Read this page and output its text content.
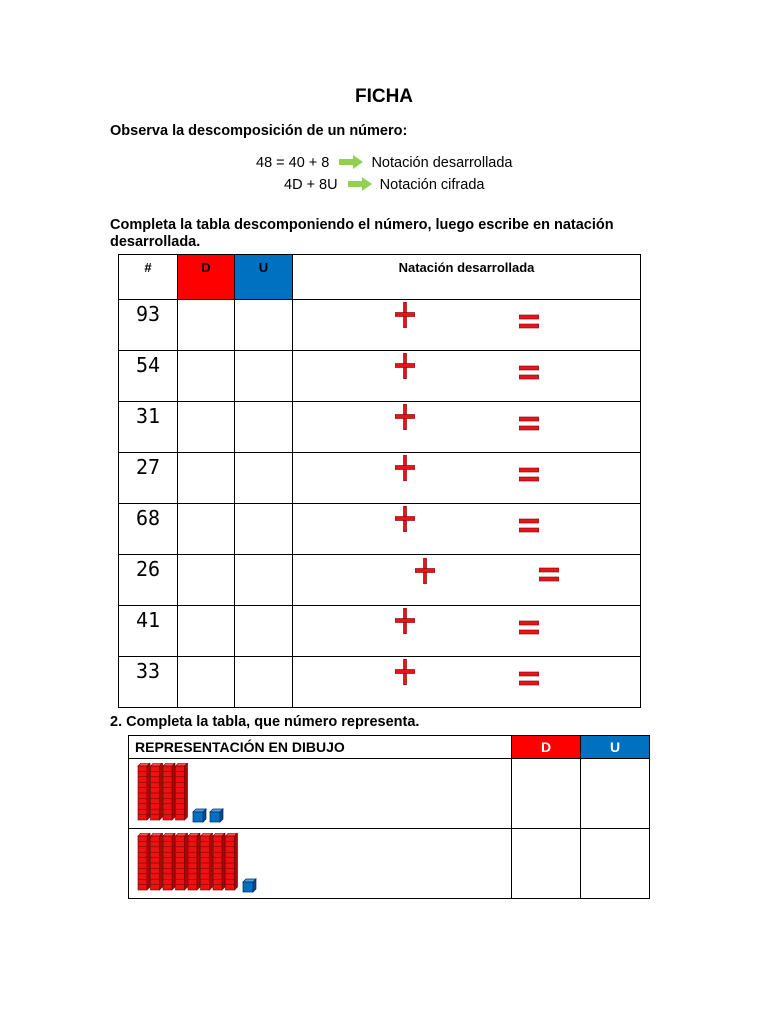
FICHA
Observa la descomposición de un número:
48 = 40 + 8	Notación desarrollada
4D + 8U	Notación cifrada
Completa la tabla descomponiendo el número, luego escribe en natación desarrollada.
#	D	U	Natación desarrollada
93			

54			

31			

27			

68			

26			

41			

33			
2. Completa la tabla, que número representa.
REPRESENTACIÓN EN DIBUJO	D	U
